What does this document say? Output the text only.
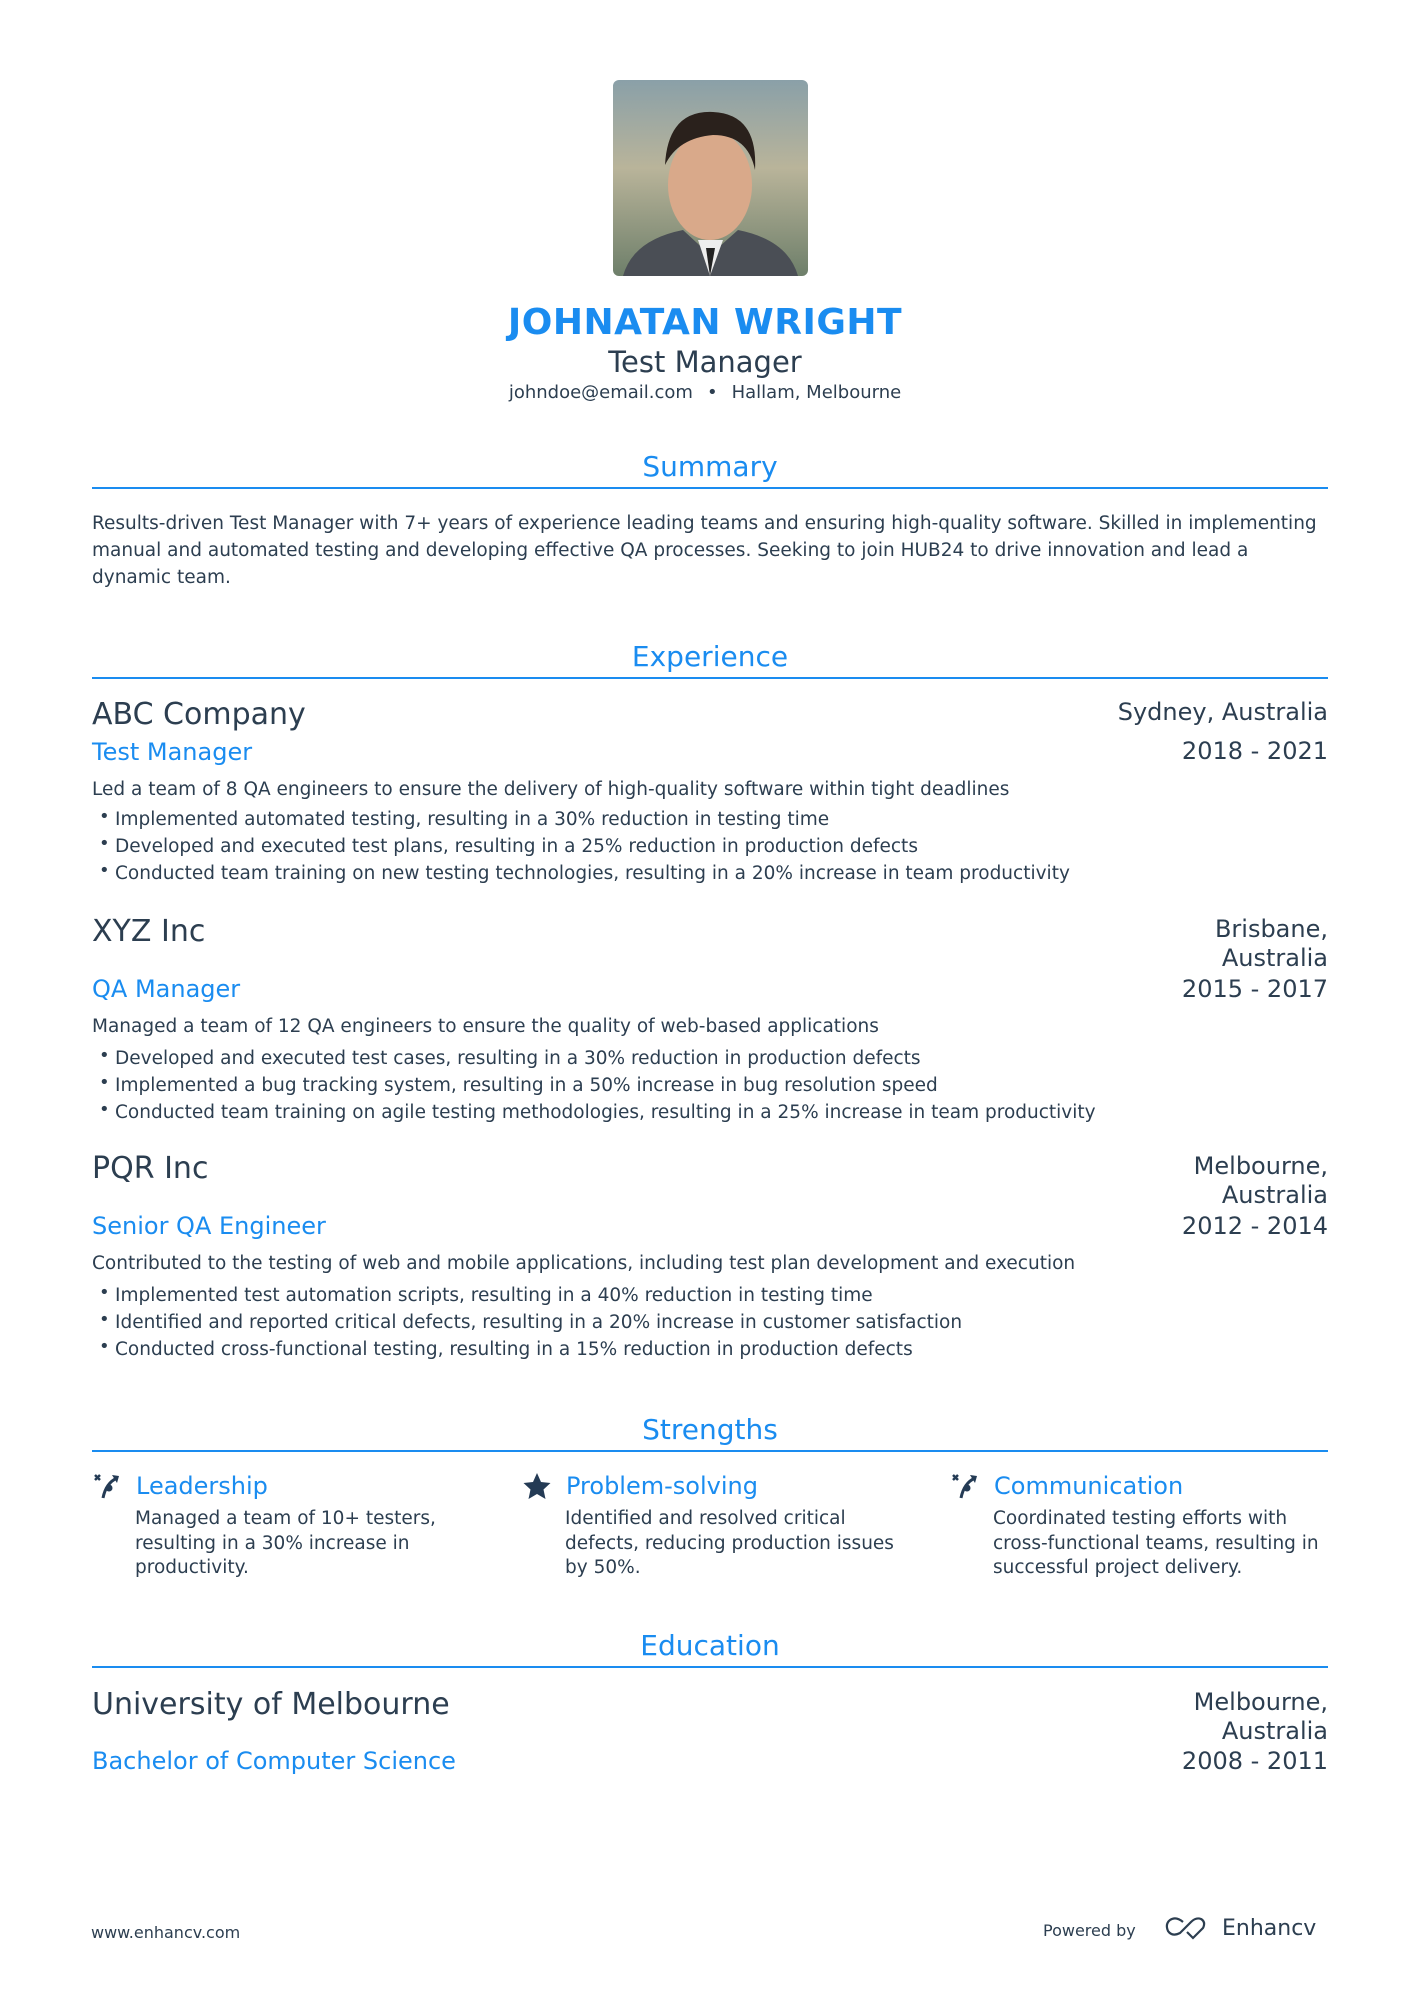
JOHNATAN WRIGHT
Test Manager
johndoe@email.com • Hallam, Melbourne
Summary
Results-driven Test Manager with 7+ years of experience leading teams and ensuring high-quality software. Skilled in implementing manual and automated testing and developing effective QA processes. Seeking to join HUB24 to drive innovation and lead a dynamic team.
Experience
ABC Company	Sydney, Australia
Test Manager	2018 - 2021
Led a team of 8 QA engineers to ensure the delivery of high-quality software within tight deadlines
• Implemented automated testing, resulting in a 30% reduction in testing time
• Developed and executed test plans, resulting in a 25% reduction in production defects
• Conducted team training on new testing technologies, resulting in a 20% increase in team productivity
XYZ Inc	Brisbane, Australia
QA Manager	2015 - 2017
Managed a team of 12 QA engineers to ensure the quality of web-based applications
• Developed and executed test cases, resulting in a 30% reduction in production defects
• Implemented a bug tracking system, resulting in a 50% increase in bug resolution speed
• Conducted team training on agile testing methodologies, resulting in a 25% increase in team productivity
PQR Inc	Melbourne, Australia
Senior QA Engineer	2012 - 2014
Contributed to the testing of web and mobile applications, including test plan development and execution
• Implemented test automation scripts, resulting in a 40% reduction in testing time
• Identified and reported critical defects, resulting in a 20% increase in customer satisfaction
• Conducted cross-functional testing, resulting in a 15% reduction in production defects
Strengths
Leadership
Managed a team of 10+ testers, resulting in a 30% increase in productivity.
Problem-solving
Identified and resolved critical defects, reducing production issues by 50%.
Communication
Coordinated testing efforts with cross-functional teams, resulting in successful project delivery.
Education
University of Melbourne	Melbourne, Australia
Bachelor of Computer Science	2008 - 2011
www.enhancv.com	Powered by	Enhancv
